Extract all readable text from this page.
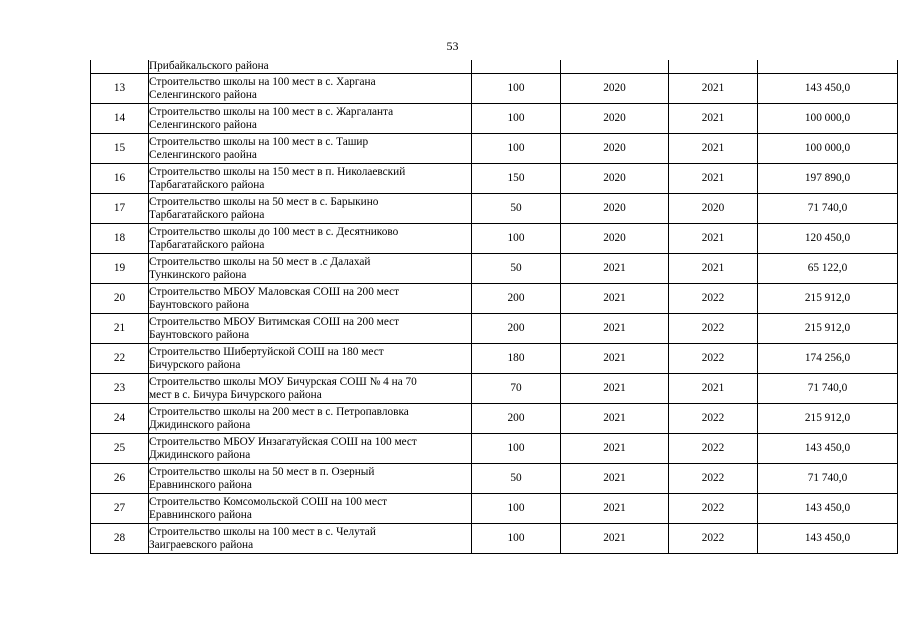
53

	Прибайкальского района				

13	Строительство школы на 100 мест в с. Харгана
Селенгинского района	100	2020	2021	143 450,0
14	Строительство школы на 100 мест в с. Жаргаланта
Селенгинского района	100	2020	2021	100 000,0
15	Строительство школы на 100 мест в с. Ташир
Селенгинского раойна	100	2020	2021	100 000,0
16	Строительство школы на 150 мест в п. Николаевский
Тарбагатайского района	150	2020	2021	197 890,0
17	Строительство школы на 50 мест в с. Барыкино
Тарбагатайского района	50	2020	2020	71 740,0
18	Строительство школы до 100 мест в с. Десятниково
Тарбагатайского района	100	2020	2021	120 450,0
19	Строительство школы на 50 мест в .с Далахай
Тункинского района	50	2021	2021	65 122,0
20	Строительство МБОУ Маловская СОШ на 200 мест
Баунтовского района	200	2021	2022	215 912,0
21	Строительство МБОУ Витимская СОШ на 200 мест
Баунтовского района	200	2021	2022	215 912,0
22	Строительство Шибертуйской СОШ на 180 мест
Бичурского района	180	2021	2022	174 256,0
23	Строительство школы МОУ Бичурская СОШ № 4 на 70
мест в с. Бичура Бичурского района	70	2021	2021	71 740,0
24	Строительство школы на 200 мест в с. Петропавловка
Джидинского района	200	2021	2022	215 912,0
25	Строительство МБОУ Инзагатуйская СОШ на 100 мест
Джидинского района	100	2021	2022	143 450,0
26	Строительство школы на 50 мест в п. Озерный
Еравнинского района	50	2021	2022	71 740,0
27	Строительство Комсомольской СОШ на 100 мест
Еравнинского района	100	2021	2022	143 450,0
28	Строительство школы на 100 мест в с. Челутай
Заиграевского района	100	2021	2022	143 450,0
